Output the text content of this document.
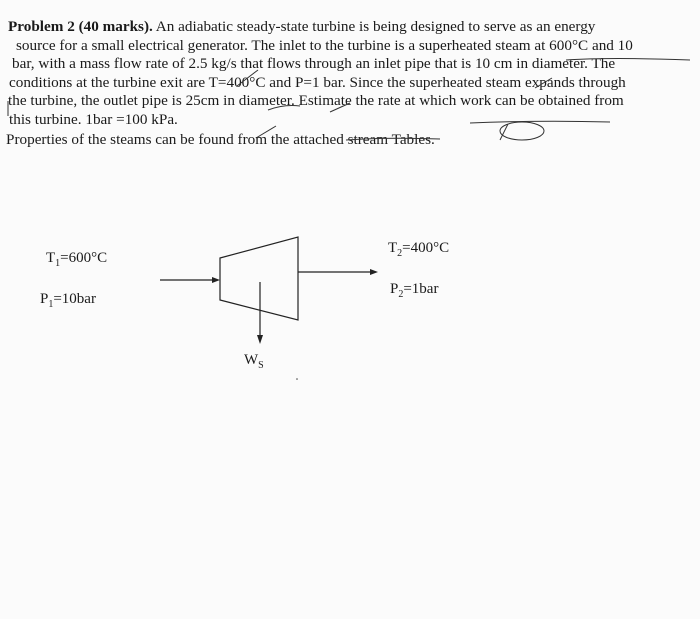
Problem 2 (40 marks). An adiabatic steady-state turbine is being designed to serve as an energy
source for a small electrical generator. The inlet to the turbine is a superheated steam at 600°C and 10
bar, with a mass flow rate of 2.5 kg/s that flows through an inlet pipe that is 10 cm in diameter. The
conditions at the turbine exit are T=400°C and P=1 bar. Since the superheated steam expands through
the turbine, the outlet pipe is 25cm in diameter. Estimate the rate at which work can be obtained from
this turbine. 1bar =100 kPa.
Properties of the steams can be found from the attached stream Tables.
$T_1=600^\circ C$
$P_1=10bar$
$T_2=400^\circ C$
$P_2=1bar$
$W_S$
